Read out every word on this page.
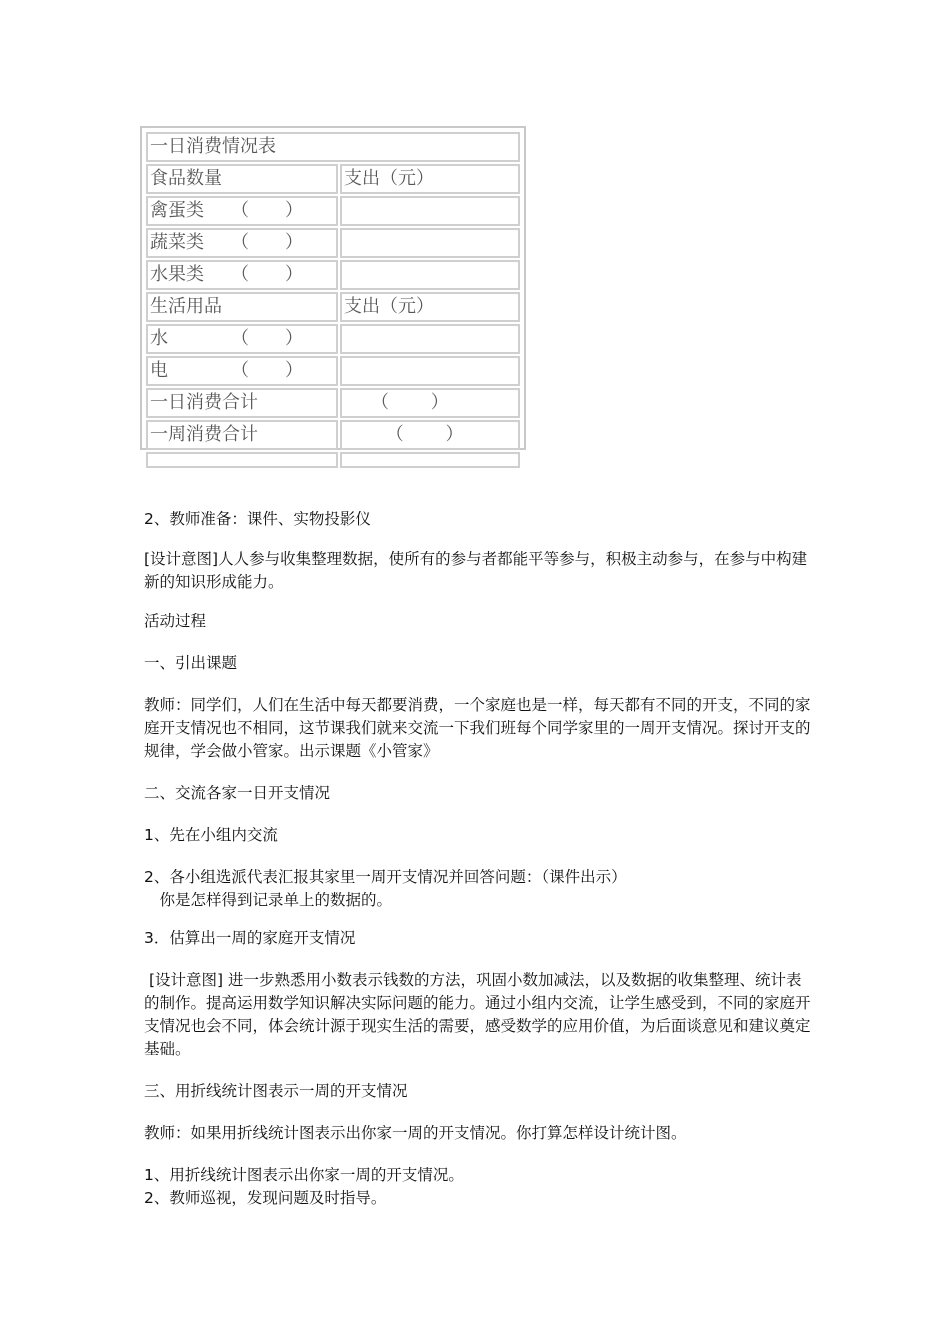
一日消费情况表	
食品数量	支出（元）
禽蛋类　　（　　）	
蔬菜类　　（　　）	
水果类　　（　　）	
生活用品	支出（元）
水　　　　（　　）	
电　　　　（　　）	
一日消费合计	　　（　　 ）
一周消费合计	　　 （　　 ）

2、教师准备：课件、实物投影仪

[设计意图]人人参与收集整理数据，使所有的参与者都能平等参与，积极主动参与，在参与中构建新的知识形成能力。

活动过程

一、引出课题

教师：同学们，人们在生活中每天都要消费，一个家庭也是一样，每天都有不同的开支，不同的家庭开支情况也不相同，这节课我们就来交流一下我们班每个同学家里的一周开支情况。探讨开支的规律，学会做小管家。出示课题《小管家》

二、交流各家一日开支情况

1、先在小组内交流

2、各小组选派代表汇报其家里一周开支情况并回答问题：（课件出示）
　你是怎样得到记录单上的数据的。

3．估算出一周的家庭开支情况

[设计意图] 进一步熟悉用小数表示钱数的方法，巩固小数加减法，以及数据的收集整理、统计表的制作。提高运用数学知识解决实际问题的能力。通过小组内交流，让学生感受到，不同的家庭开支情况也会不同，体会统计源于现实生活的需要，感受数学的应用价值，为后面谈意见和建议奠定基础。

三、用折线统计图表示一周的开支情况

教师：如果用折线统计图表示出你家一周的开支情况。你打算怎样设计统计图。

1、用折线统计图表示出你家一周的开支情况。
2、教师巡视，发现问题及时指导。
